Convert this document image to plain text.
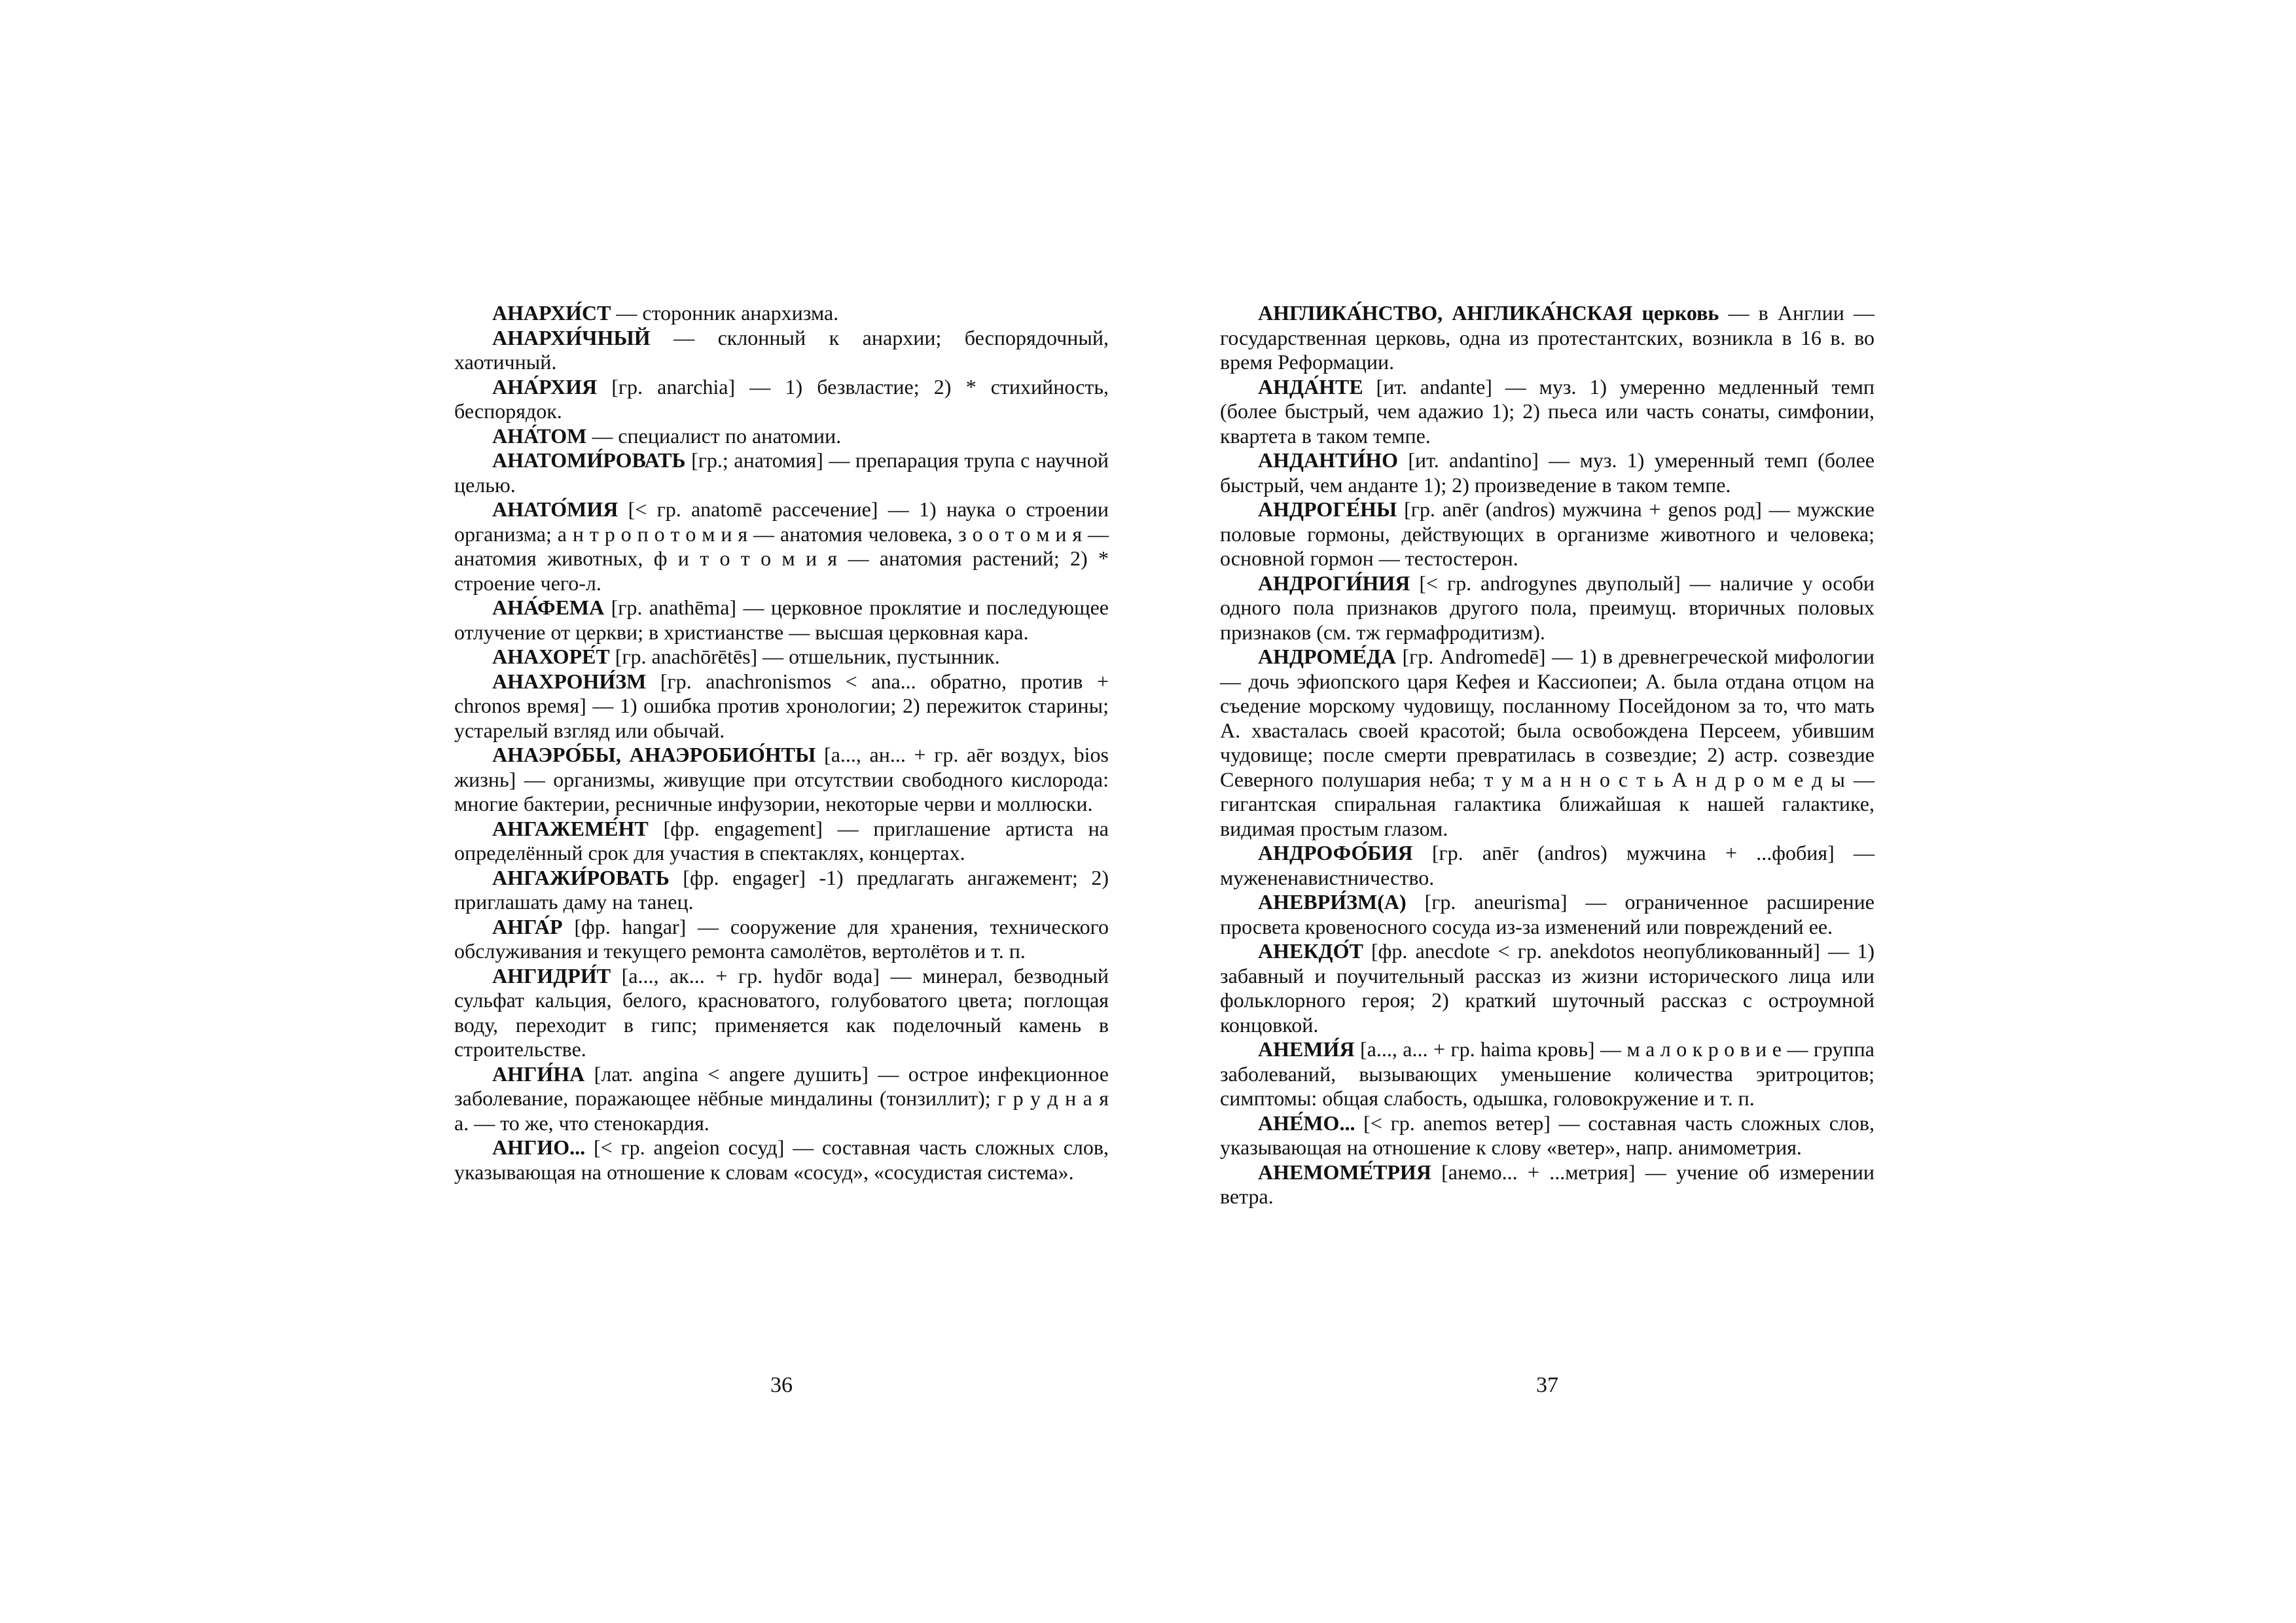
АНАРХИ́СТ — сторонник анархизма.

АНАРХИ́ЧНЫЙ — склонный к анархии; беспорядочный, хаотичный.

АНА́РХИЯ [гр. anarchia] — 1) безвластие; 2) * стихийность, беспорядок.

АНА́ТОМ — специалист по анатомии.

АНАТОМИ́РОВАТЬ [гр.; анатомия] — препарация трупа с научной целью.

АНАТО́МИЯ [< гр. anatomē рассечение] — 1) наука о строении организма; а н т р о п о т о м и я — анатомия человека, з о о т о м и я — анатомия животных, ф и т о т о м и я — анатомия растений; 2) * строение чего-л.

АНА́ФЕМА [гр. anathēma] — церковное проклятие и последующее отлучение от церкви; в христианстве — высшая церковная кара.

АНАХОРЕ́Т [гр. anachōrētēs] — отшельник, пустынник.

АНАХРОНИ́ЗМ [гр. anachronismos < ana... обратно, против + chronos время] — 1) ошибка против хронологии; 2) пережиток старины; устарелый взгляд или обычай.

АНАЭРО́БЫ, АНАЭРОБИО́НТЫ [а..., ан... + гр. aēr воздух, bios жизнь] — организмы, живущие при отсутствии свободного кислорода: многие бактерии, ресничные инфузории, некоторые черви и моллюски.

АНГАЖЕМЕ́НТ [фр. engagement] — приглашение артиста на определённый срок для участия в спектаклях, концертах.

АНГАЖИ́РОВАТЬ [фр. engager] -1) предлагать ангажемент; 2) приглашать даму на танец.

АНГА́Р [фр. hangar] — сооружение для хранения, технического обслуживания и текущего ремонта самолётов, вертолётов и т. п.

АНГИДРИ́Т [а..., ак... + гр. hydōr вода] — минерал, безводный сульфат кальция, белого, красноватого, голубоватого цвета; поглощая воду, переходит в гипс; применяется как поделочный камень в строительстве.

АНГИ́НА [лат. angina < angere душить] — острое инфекционное заболевание, поражающее нёбные миндалины (тонзиллит); г р у д н а я а. — то же, что стенокардия.

АНГИО... [< гр. angeion сосуд] — составная часть сложных слов, указывающая на отношение к словам «сосуд», «сосудистая система».

36

АНГЛИКА́НСТВО, АНГЛИКА́НСКАЯ церковь — в Англии — государственная церковь, одна из протестантских, возникла в 16 в. во время Реформации.

АНДА́НТЕ [ит. andante] — муз. 1) умеренно медленный темп (более быстрый, чем адажио 1); 2) пьеса или часть сонаты, симфонии, квартета в таком темпе.

АНДАНТИ́НО [ит. andantino] — муз. 1) умеренный темп (более быстрый, чем анданте 1); 2) произведение в таком темпе.

АНДРОГЕ́НЫ [гр. anēr (andros) мужчина + genos род] — мужские половые гормоны, действующих в организме животного и человека; основной гормон — тестостерон.

АНДРОГИ́НИЯ [< гр. androgynes двуполый] — наличие у особи одного пола признаков другого пола, преимущ. вторичных половых признаков (см. тж гермафродитизм).

АНДРОМЕ́ДА [гр. Andromedē] — 1) в древнегреческой мифологии — дочь эфиопского царя Кефея и Кассиопеи; А. была отдана отцом на съедение морскому чудовищу, посланному Посейдоном за то, что мать А. хвасталась своей красотой; была освобождена Персеем, убившим чудовище; после смерти превратилась в созвездие; 2) астр. созвездие Северного полушария неба; т у м а н н о с т ь А н д р о м е д ы — гигантская спиральная галактика ближайшая к нашей галактике, видимая простым глазом.

АНДРОФО́БИЯ [гр. anēr (andros) мужчина + ...фобия] — мужененавистничество.

АНЕВРИ́ЗМ(А) [гр. aneurisma] — ограниченное расширение просвета кровеносного сосуда из-за изменений или повреждений ее.

АНЕКДО́Т [фр. anecdote < гр. anekdotos неопубликованный] — 1) забавный и поучительный рассказ из жизни исторического лица или фольклорного героя; 2) краткий шуточный рассказ с остроумной концовкой.

АНЕМИ́Я [а..., а... + гр. haima кровь] — м а л о к р о в и е — группа заболеваний, вызывающих уменьшение количества эритроцитов; симптомы: общая слабость, одышка, головокружение и т. п.

АНЕ́МО... [< гр. anemos ветер] — составная часть сложных слов, указывающая на отношение к слову «ветер», напр. анимометрия.

АНЕМОМЕ́ТРИЯ [анемо... + ...метрия] — учение об измерении ветра.

37
